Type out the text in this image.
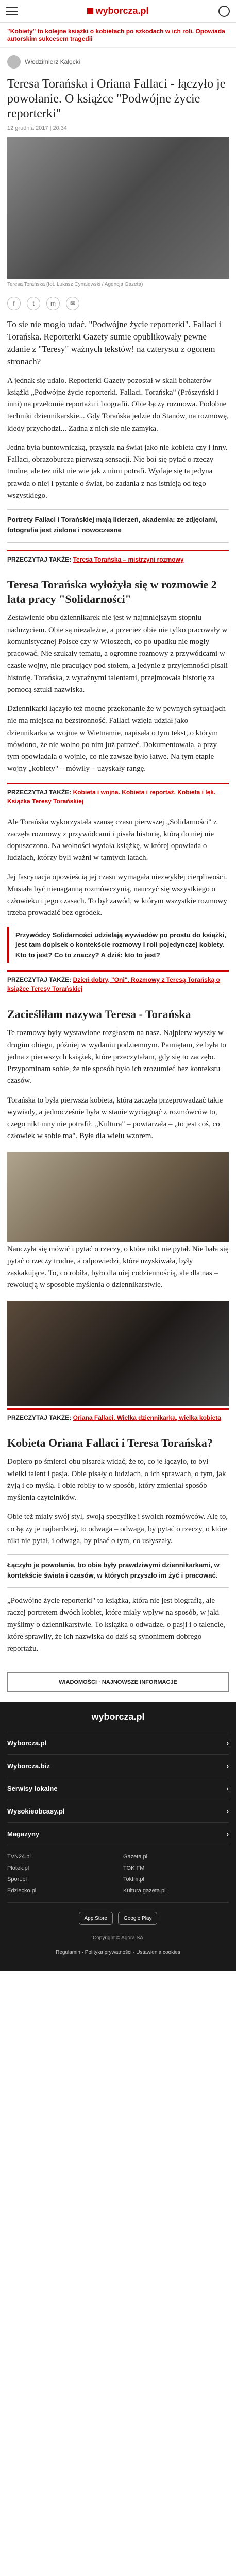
wyborcza.pl
"Kobiety" to kolejne książki o kobietach po szkodach w ich roli. Opowiada autorskim sukcesem tragedii
Włodzimierz Kałęcki
Teresa Torańska i Oriana Fallaci - łączyło je powołanie. O książce "Podwójne życie reporterki"
12 grudnia 2017 | 20:34
Teresa Torańska (fot. Łukasz Cynalewski / Agencja Gazeta)
f	t	m	✉

To sie nie mogło udać. "Podwójne życie reporterki". Fallaci i Torańska. Reporterki Gazety sumie opublikowały pewne zdanie z "Teresy" ważnych tekstów! na czterystu z ogonem stronach?

A jednak się udało. Reporterki Gazety pozostał w skali bohaterów książki „Podwójne życie reporterki. Fallaci. Torańska" (Prószyński i inni) na przełomie reportażu i biografii. Obie łączy rozmowa. Podobne techniki dziennikarskie... Gdy Torańska jedzie do Stanów, na rozmowę, kiedy przychodzi... Żadna z nich się nie zamyka.

Jedna była buntowniczką, przyszła na świat jako nie kobieta czy i inny. Fallaci, obrazoburcza pierwszą sensacji. Nie boi się pytać o rzeczy trudne, ale też nikt nie wie jak z nimi potrafi. Wydaje się ta jedyna prawda o niej i pytanie o świat, bo zadania z nas istnieją od tego wszystkiego.

Portrety Fallaci i Torańskiej mają liderzeń, akademia: ze zdjęciami, fotografia jest zielone i nowoczesne
PRZECZYTAJ TAKŻE: Teresa Torańska – mistrzyni rozmowy
Teresa Torańska wyłożyła się w rozmowie 2 lata pracy "Solidarności"

Zestawienie obu dziennikarek nie jest w najmniejszym stopniu nadużyciem. Obie są niezależne, a przecież obie nie tylko pracowały w komunistycznej Polsce czy w Włoszech, co po upadku nie mogły pracować. Nie szukały tematu, a ogromne rozmowy z przywódcami w czasie wojny, nie pracujący pod stołem, a jedynie z przyjemności pisali historię. Torańska, z wyraźnymi talentami, przejmowała historię za pomocą sztuki nazwiska.

Dziennikarki łączyło też mocne przekonanie że w pewnych sytuacjach nie ma miejsca na bezstronność. Fallaci wzięła udział jako dziennikarka w wojnie w Wietnamie, napisała o tym tekst, o którym mówiono, że nie wolno po nim już patrzeć. Dokumentowała, a przy tym opowiadała o wojnie, co nie zawsze było łatwe. Na tym etapie wojny „kobiety" – mówiły – uzyskały rangę.

PRZECZYTAJ TAKŻE: Kobieta i wojna. Kobieta i reportaż. Kobieta i lęk. Książka Teresy Torańskiej

Ale Torańska wykorzystała szansę czasu pierwszej „Solidarności" z zaczęła rozmowy z przywódcami i pisała historię, którą do niej nie dopuszczono. Na wolności wydała książkę, w której opowiada o ludziach, którzy byli ważni w tamtych latach.

Jej fascynacja opowieścią jej czasu wymagała niezwykłej cierpliwości. Musiała być nienaganną rozmówczynią, nauczyć się wszystkiego o człowieku i jego czasach. To był zawód, w którym wszystkie rozmowy trzeba prowadzić bez ogródek.

Przywódcy Solidarności udzielają wywiadów po prostu do książki, jest tam dopisek o kontekście rozmowy i roli pojedynczej kobiety. Kto to jest? Co to znaczy? A dziś: kto to jest?
PRZECZYTAJ TAKŻE: Dzień dobry, "Oni". Rozmowy z Teresą Torańską o książce Teresy Torańskiej
Zacieśliłam nazywa Teresa - Torańska

Te rozmowy były wystawione rozgłosem na nasz. Najpierw wyszły w drugim obiegu, później w wydaniu podziemnym. Pamiętam, że była to jedna z pierwszych książek, które przeczytałam, gdy się to zaczęło. Przypominam sobie, że nie sposób było ich zrozumieć bez kontekstu czasów.

Torańska to była pierwsza kobieta, która zaczęła przeprowadzać takie wywiady, a jednocześnie była w stanie wyciągnąć z rozmówców to, czego nikt inny nie potrafił. „Kultura" – powtarzała – „to jest coś, co człowiek w sobie ma". Była dla wielu wzorem.

Nauczyła się mówić i pytać o rzeczy, o które nikt nie pytał. Nie bała się pytać o rzeczy trudne, a odpowiedzi, które uzyskiwała, były zaskakujące. To, co robiła, było dla niej codziennością, ale dla nas – rewolucją w sposobie myślenia o dziennikarstwie.

PRZECZYTAJ TAKŻE: Oriana Fallaci. Wielka dziennikarka, wielka kobieta
Kobieta Oriana Fallaci i Teresa Torańska?

Dopiero po śmierci obu pisarek widać, że to, co je łączyło, to był wielki talent i pasja. Obie pisały o ludziach, o ich sprawach, o tym, jak żyją i co myślą. I obie robiły to w sposób, który zmieniał sposób myślenia czytelników.

Obie też miały swój styl, swoją specyfikę i swoich rozmówców. Ale to, co łączy je najbardziej, to odwaga – odwaga, by pytać o rzeczy, o które nikt nie pytał, i odwaga, by pisać o tym, co usłyszały.

Łączyło je powołanie, bo obie były prawdziwymi dziennikarkami, w kontekście świata i czasów, w których przyszło im żyć i pracować.

„Podwójne życie reporterki" to książka, która nie jest biografią, ale raczej portretem dwóch kobiet, które miały wpływ na sposób, w jaki myślimy o dziennikarstwie. To książka o odwadze, o pasji i o talencie, które sprawiły, że ich nazwiska do dziś są synonimem dobrego reportażu.

WIADOMOŚCI · NAJNOWSZE INFORMACJE
wyborcza.pl
Wyborcza.pl	›
Wyborcza.biz	›
Serwisy lokalne	›
Wysokieobcasy.pl	›
Magazyny	›
TVN24.pl	Gazeta.pl
Plotek.pl	TOK FM
Sport.pl	Tokfm.pl
Edziecko.pl	Kultura.gazeta.pl
App Store	Google Play
Copyright © Agora SA
Regulamin · Polityka prywatności · Ustawienia cookies
